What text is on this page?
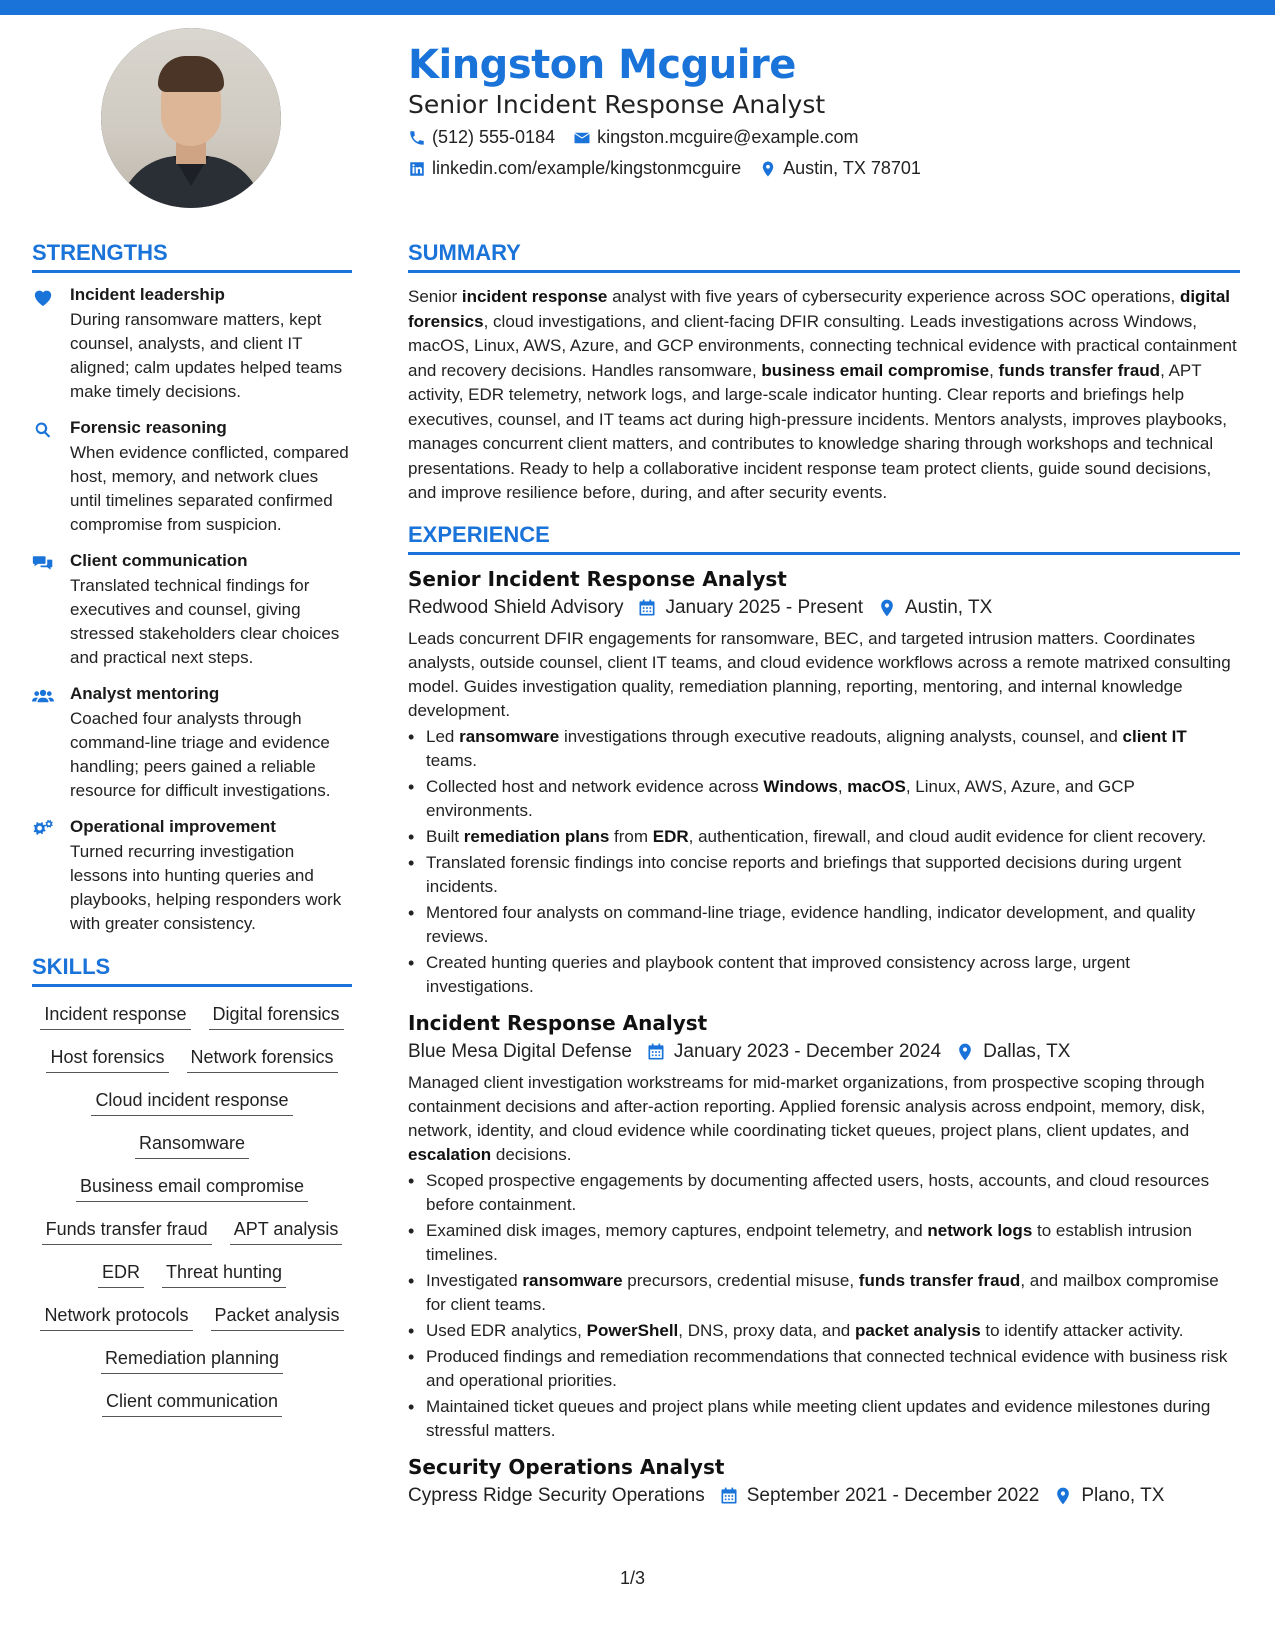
Kingston Mcguire
Senior Incident Response Analyst
(512) 555-0184 kingston.mcguire@example.com
linkedin.com/example/kingstonmcguire Austin, TX 78701
STRENGTHS
Incident leadership
During ransomware matters, kept counsel, analysts, and client IT aligned; calm updates helped teams make timely decisions.
Forensic reasoning
When evidence conflicted, compared host, memory, and network clues until timelines separated confirmed compromise from suspicion.
Client communication
Translated technical findings for executives and counsel, giving stressed stakeholders clear choices and practical next steps.
Analyst mentoring
Coached four analysts through command-line triage and evidence handling; peers gained a reliable resource for difficult investigations.
Operational improvement
Turned recurring investigation lessons into hunting queries and playbooks, helping responders work with greater consistency.
SKILLS
Incident response Digital forensics
Host forensics Network forensics
Cloud incident response
Ransomware
Business email compromise
Funds transfer fraud APT analysis
EDR Threat hunting
Network protocols Packet analysis
Remediation planning
Client communication
SUMMARY
Senior incident response analyst with five years of cybersecurity experience across SOC operations, digital forensics, cloud investigations, and client-facing DFIR consulting. Leads investigations across Windows, macOS, Linux, AWS, Azure, and GCP environments, connecting technical evidence with practical containment and recovery decisions. Handles ransomware, business email compromise, funds transfer fraud, APT activity, EDR telemetry, network logs, and large-scale indicator hunting. Clear reports and briefings help executives, counsel, and IT teams act during high-pressure incidents. Mentors analysts, improves playbooks, manages concurrent client matters, and contributes to knowledge sharing through workshops and technical presentations. Ready to help a collaborative incident response team protect clients, guide sound decisions, and improve resilience before, during, and after security events.
EXPERIENCE
Senior Incident Response Analyst
Redwood Shield Advisory January 2025 - Present Austin, TX
Leads concurrent DFIR engagements for ransomware, BEC, and targeted intrusion matters. Coordinates analysts, outside counsel, client IT teams, and cloud evidence workflows across a remote matrixed consulting model. Guides investigation quality, remediation planning, reporting, mentoring, and internal knowledge development.
• Led ransomware investigations through executive readouts, aligning analysts, counsel, and client IT teams.
• Collected host and network evidence across Windows, macOS, Linux, AWS, Azure, and GCP environments.
• Built remediation plans from EDR, authentication, firewall, and cloud audit evidence for client recovery.
• Translated forensic findings into concise reports and briefings that supported decisions during urgent incidents.
• Mentored four analysts on command-line triage, evidence handling, indicator development, and quality reviews.
• Created hunting queries and playbook content that improved consistency across large, urgent investigations.
Incident Response Analyst
Blue Mesa Digital Defense January 2023 - December 2024 Dallas, TX
Managed client investigation workstreams for mid-market organizations, from prospective scoping through containment decisions and after-action reporting. Applied forensic analysis across endpoint, memory, disk, network, identity, and cloud evidence while coordinating ticket queues, project plans, client updates, and escalation decisions.
• Scoped prospective engagements by documenting affected users, hosts, accounts, and cloud resources before containment.
• Examined disk images, memory captures, endpoint telemetry, and network logs to establish intrusion timelines.
• Investigated ransomware precursors, credential misuse, funds transfer fraud, and mailbox compromise for client teams.
• Used EDR analytics, PowerShell, DNS, proxy data, and packet analysis to identify attacker activity.
• Produced findings and remediation recommendations that connected technical evidence with business risk and operational priorities.
• Maintained ticket queues and project plans while meeting client updates and evidence milestones during stressful matters.
Security Operations Analyst
Cypress Ridge Security Operations September 2021 - December 2022 Plano, TX
1/3
